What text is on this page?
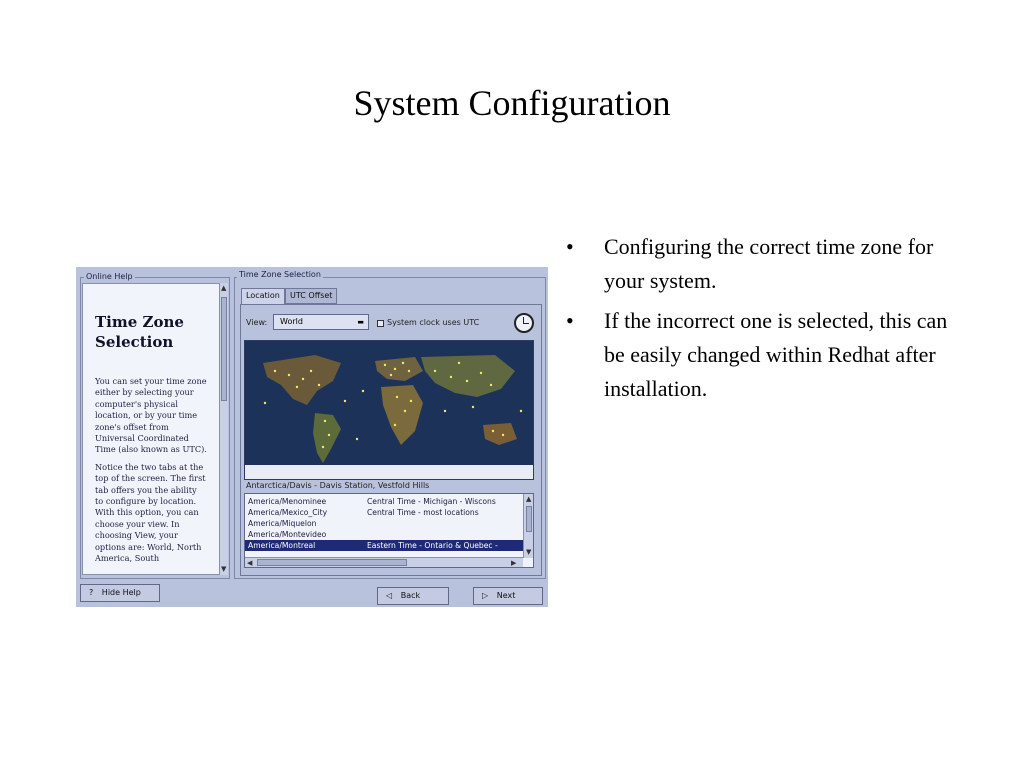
System Configuration
• Configuring the correct time zone for your system.
• If the incorrect one is selected, this can be easily changed within Redhat after installation.
Online Help
Time Zone Selection

You can set your time zone either by selecting your computer's physical location, or by your time zone's offset from Universal Coordinated Time (also known as UTC).

Notice the two tabs at the top of the screen. The first tab offers you the ability to configure by location. With this option, you can choose your view. In choosing View, your options are: World, North America, South

▲
▼
Time Zone Selection
Location	UTC Offset
View:	World	▬	System clock uses UTC
Antarctica/Davis - Davis Station, Vestfold Hills
America/Menominee	Central Time - Michigan - Wiscons
America/Mexico_City	Central Time - most locations
America/Miquelon
America/Montevideo
America/Montreal	Eastern Time - Ontario & Quebec -
▲
▼
◀	▶
? Hide Help	◁ Back	▷ Next
